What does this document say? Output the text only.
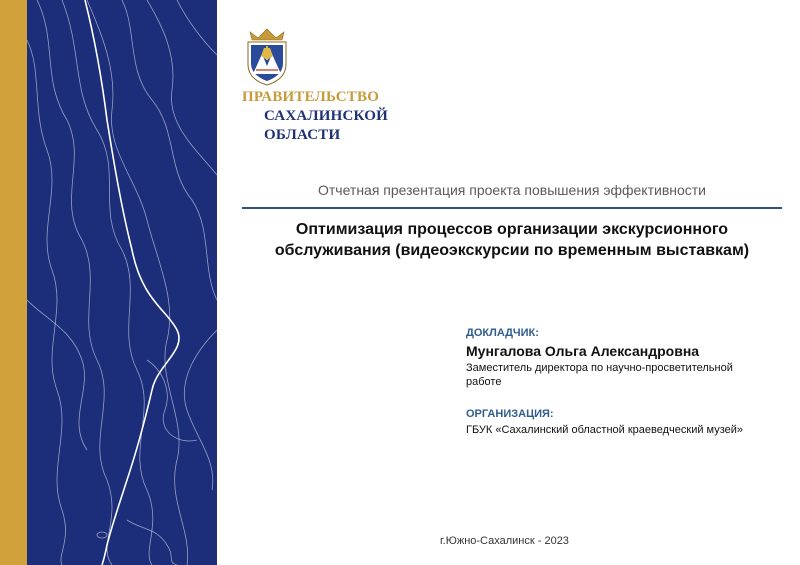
ПРАВИТЕЛЬСТВО
САХАЛИНСКОЙ
ОБЛАСТИ
Отчетная презентация проекта повышения эффективности
Оптимизация процессов организации экскурсионного обслуживания (видеоэкскурсии по временным выставкам)
ДОКЛАДЧИК:
Мунгалова Ольга Александровна
Заместитель директора по научно-просветительной работе
ОРГАНИЗАЦИЯ:
ГБУК «Сахалинский областной краеведческий музей»
г.Южно-Сахалинск - 2023
